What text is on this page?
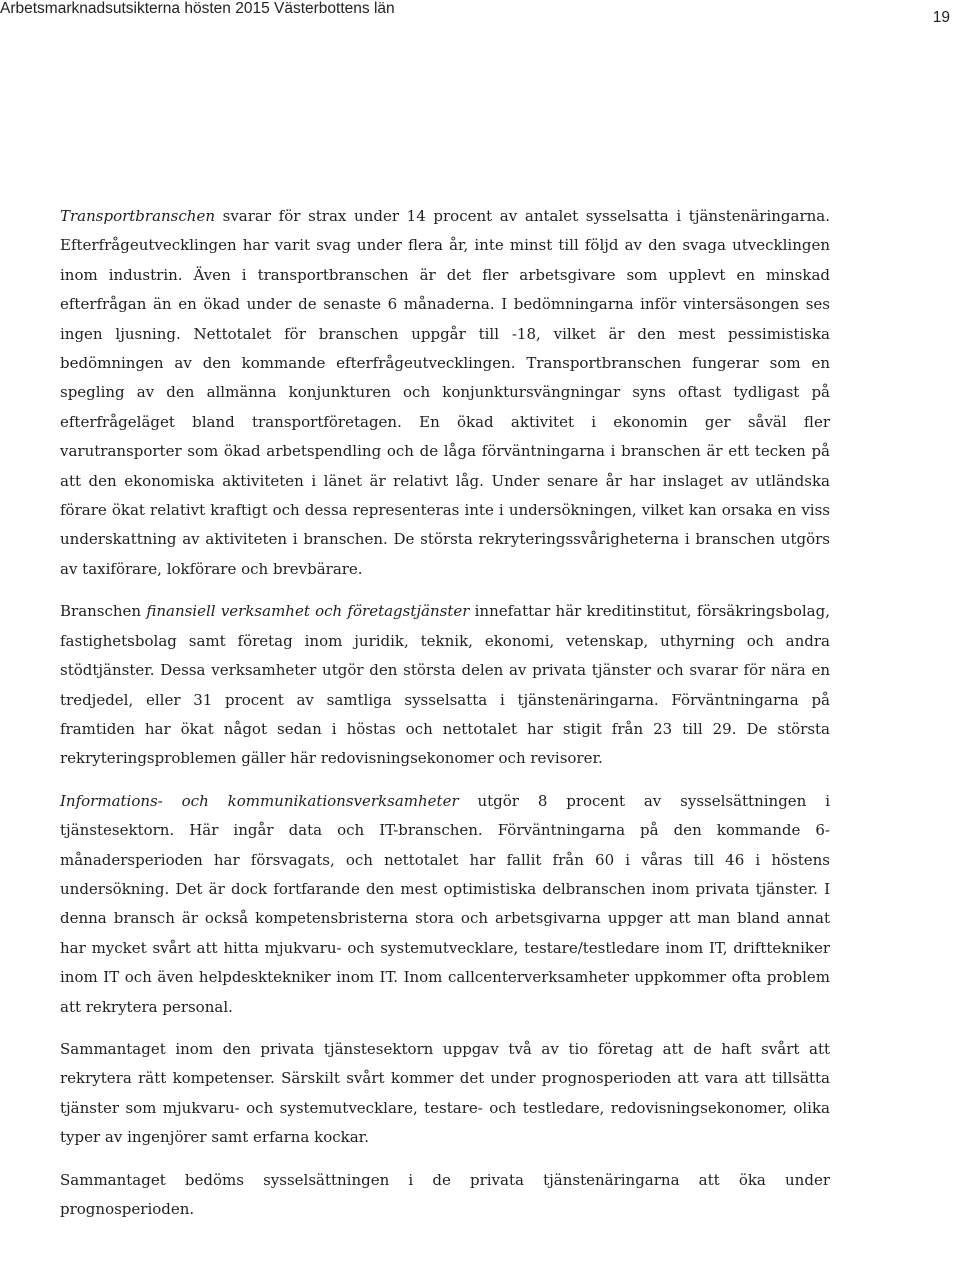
Arbetsmarknadsutsikterna hösten 2015 Västerbottens län
19

Transportbranschen svarar för strax under 14 procent av antalet sysselsatta i tjänstenäringarna. Efterfrågeutvecklingen har varit svag under flera år, inte minst till följd av den svaga utvecklingen inom industrin. Även i transportbranschen är det fler arbetsgivare som upplevt en minskad efterfrågan än en ökad under de senaste 6 månaderna. I bedömningarna inför vintersäsongen ses ingen ljusning. Nettotalet för branschen uppgår till -18, vilket är den mest pessimistiska bedömningen av den kommande efterfrågeutvecklingen. Transportbranschen fungerar som en spegling av den allmänna konjunkturen och konjunktursvängningar syns oftast tydligast på efterfrågeläget bland transportföretagen. En ökad aktivitet i ekonomin ger såväl fler varutransporter som ökad arbetspendling och de låga förväntningarna i branschen är ett tecken på att den ekonomiska aktiviteten i länet är relativt låg. Under senare år har inslaget av utländska förare ökat relativt kraftigt och dessa representeras inte i undersökningen, vilket kan orsaka en viss underskattning av aktiviteten i branschen. De största rekryteringssvårigheterna i branschen utgörs av taxiförare, lokförare och brevbärare.

Branschen finansiell verksamhet och företagstjänster innefattar här kreditinstitut, försäkringsbolag, fastighetsbolag samt företag inom juridik, teknik, ekonomi, vetenskap, uthyrning och andra stödtjänster. Dessa verksamheter utgör den största delen av privata tjänster och svarar för nära en tredjedel, eller 31 procent av samtliga sysselsatta i tjänstenäringarna. Förväntningarna på framtiden har ökat något sedan i höstas och nettotalet har stigit från 23 till 29. De största rekryteringsproblemen gäller här redovisningsekonomer och revisorer.

Informations- och kommunikationsverksamheter utgör 8 procent av sysselsättningen i tjänstesektorn. Här ingår data och IT-branschen. Förväntningarna på den kommande 6-månadersperioden har försvagats, och nettotalet har fallit från 60 i våras till 46 i höstens undersökning. Det är dock fortfarande den mest optimistiska delbranschen inom privata tjänster. I denna bransch är också kompetensbristerna stora och arbetsgivarna uppger att man bland annat har mycket svårt att hitta mjukvaru- och systemutvecklare, testare/testledare inom IT, drifttekniker inom IT och även helpdesktekniker inom IT. Inom callcenterverksamheter uppkommer ofta problem att rekrytera personal.

Sammantaget inom den privata tjänstesektorn uppgav två av tio företag att de haft svårt att rekrytera rätt kompetenser. Särskilt svårt kommer det under prognosperioden att vara att tillsätta tjänster som mjukvaru- och systemutvecklare, testare- och testledare, redovisningsekonomer, olika typer av ingenjörer samt erfarna kockar.

Sammantaget bedöms sysselsättningen i de privata tjänstenäringarna att öka under prognosperioden.
